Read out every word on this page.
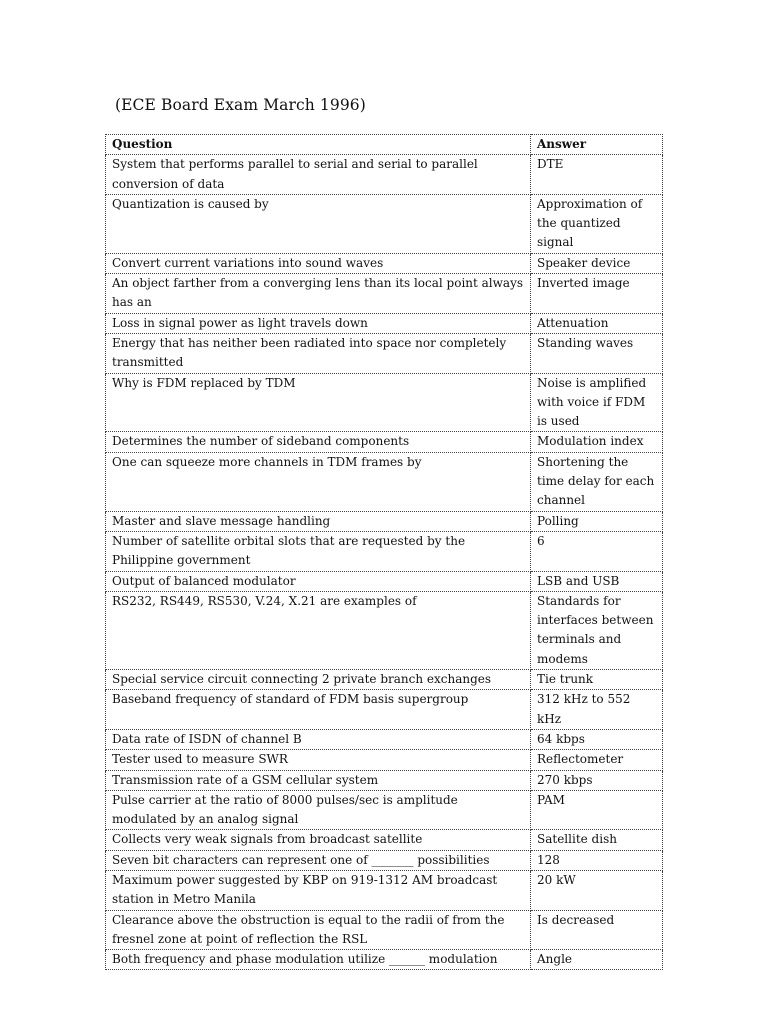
(ECE Board Exam March 1996)
Question	Answer
System that performs parallel to serial and serial to parallel conversion of data	DTE
Quantization is caused by	Approximation of the quantized signal
Convert current variations into sound waves	Speaker device
An object farther from a converging lens than its local point always has an	Inverted image
Loss in signal power as light travels down	Attenuation
Energy that has neither been radiated into space nor completely transmitted	Standing waves
Why is FDM replaced by TDM	Noise is amplified with voice if FDM is used
Determines the number of sideband components	Modulation index
One can squeeze more channels in TDM frames by	Shortening the time delay for each channel
Master and slave message handling	Polling
Number of satellite orbital slots that are requested by the Philippine government	6
Output of balanced modulator	LSB and USB
RS232, RS449, RS530, V.24, X.21 are examples of	Standards for interfaces between terminals and modems
Special service circuit connecting 2 private branch exchanges	Tie trunk
Baseband frequency of standard of FDM basis supergroup	312 kHz to 552 kHz
Data rate of ISDN of channel B	64 kbps
Tester used to measure SWR	Reflectometer
Transmission rate of a GSM cellular system	270 kbps
Pulse carrier at the ratio of 8000 pulses/sec is amplitude modulated by an analog signal	PAM
Collects very weak signals from broadcast satellite	Satellite dish
Seven bit characters can represent one of _______ possibilities	128
Maximum power suggested by KBP on 919-1312 AM broadcast station in Metro Manila	20 kW
Clearance above the obstruction is equal to the radii of from the fresnel zone at point of reflection the RSL	Is decreased
Both frequency and phase modulation utilize ______ modulation	Angle
